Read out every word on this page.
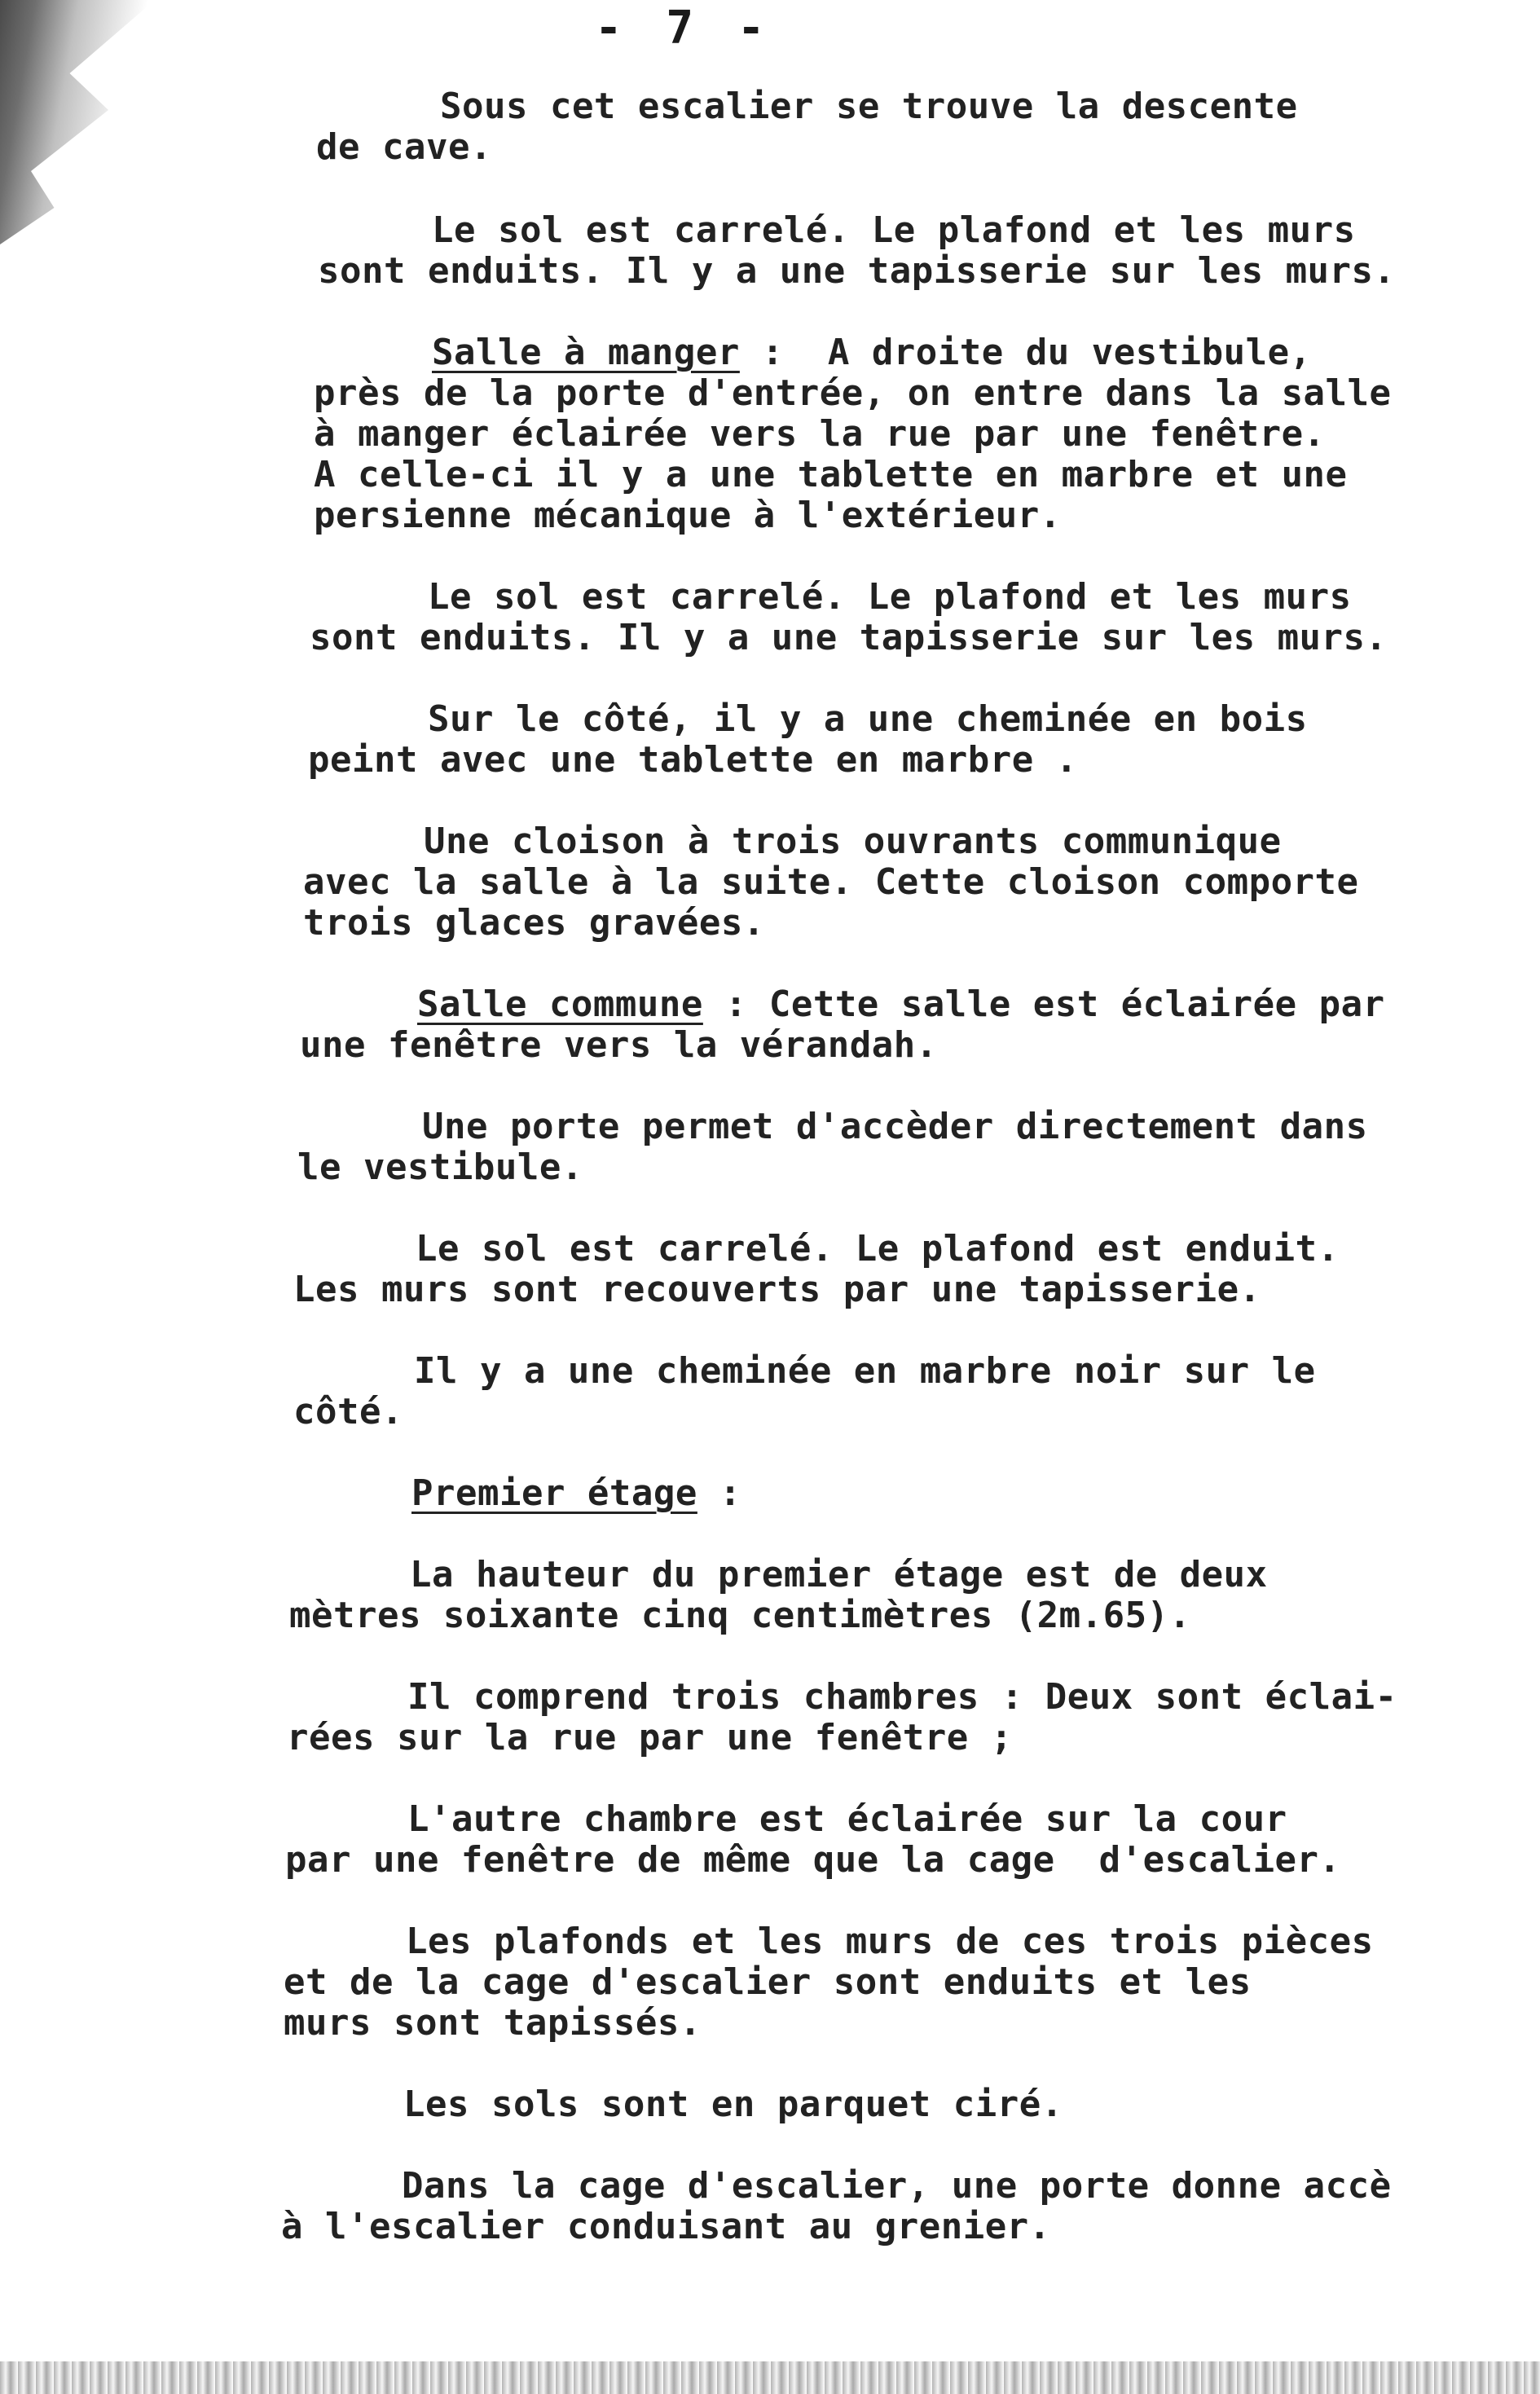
- 7 -
Sous cet escalier se trouve la descente
de cave.
Le sol est carrelé. Le plafond et les murs
sont enduits. Il y a une tapisserie sur les murs.
Salle à manger :  A droite du vestibule,
près de la porte d'entrée, on entre dans la salle
à manger éclairée vers la rue par une fenêtre.
A celle-ci il y a une tablette en marbre et une
persienne mécanique à l'extérieur.
Le sol est carrelé. Le plafond et les murs
sont enduits. Il y a une tapisserie sur les murs.
Sur le côté, il y a une cheminée en bois
peint avec une tablette en marbre .
Une cloison à trois ouvrants communique
avec la salle à la suite. Cette cloison comporte
trois glaces gravées.
Salle commune : Cette salle est éclairée par
une fenêtre vers la vérandah.
Une porte permet d'accèder directement dans
le vestibule.
Le sol est carrelé. Le plafond est enduit.
Les murs sont recouverts par une tapisserie.
Il y a une cheminée en marbre noir sur le
côté.
Premier étage :
La hauteur du premier étage est de deux
mètres soixante cinq centimètres (2m.65).
Il comprend trois chambres : Deux sont éclai-
rées sur la rue par une fenêtre ;
L'autre chambre est éclairée sur la cour
par une fenêtre de même que la cage  d'escalier.
Les plafonds et les murs de ces trois pièces
et de la cage d'escalier sont enduits et les
murs sont tapissés.
Les sols sont en parquet ciré.
Dans la cage d'escalier, une porte donne accè
à l'escalier conduisant au grenier.
